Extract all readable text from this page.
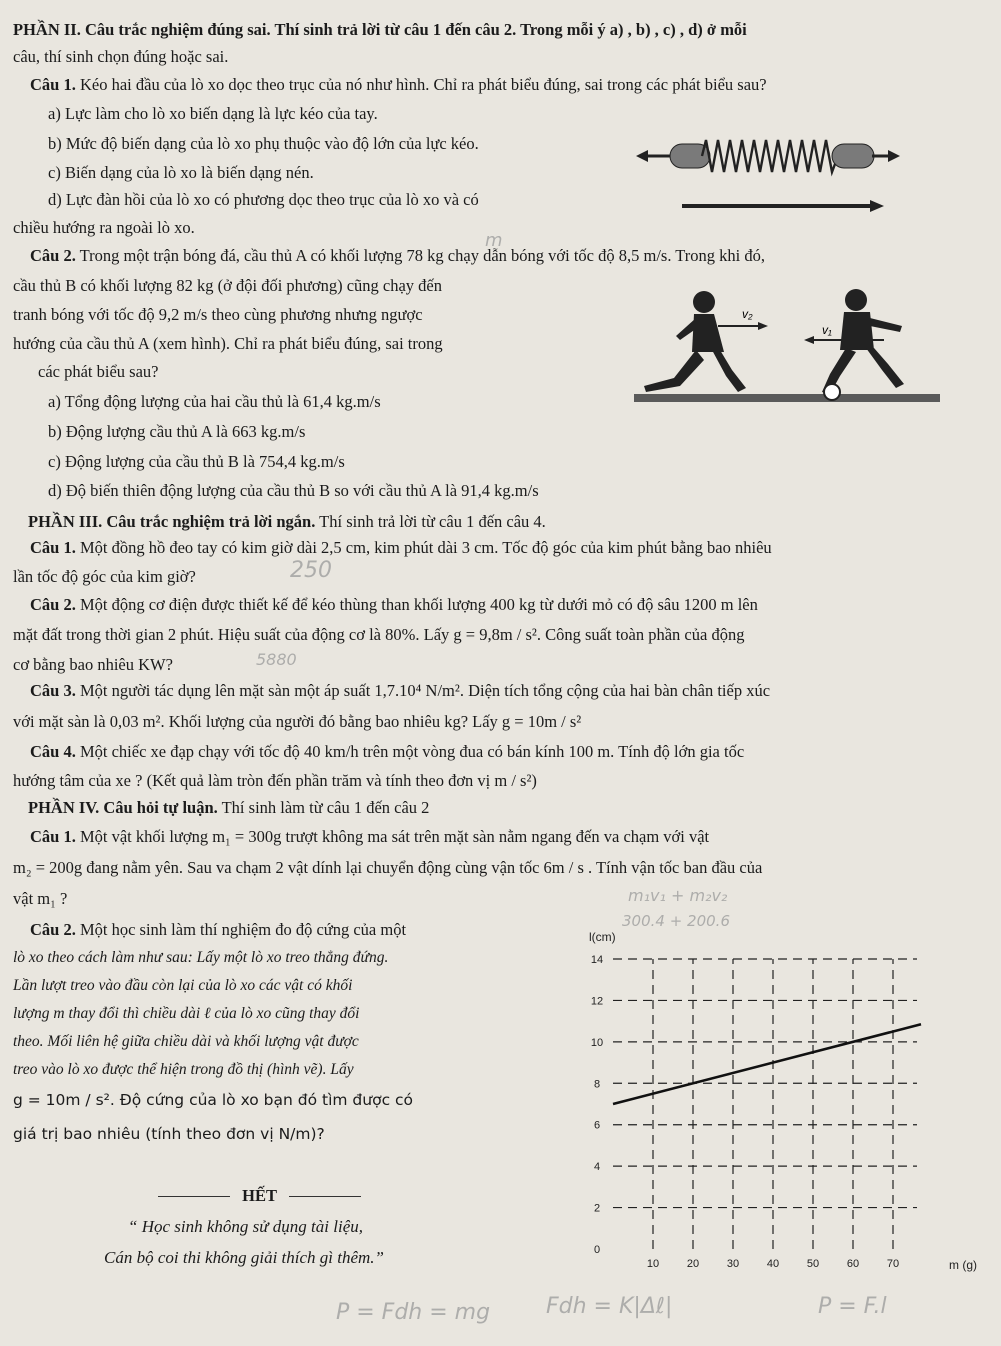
PHẦN II. Câu trắc nghiệm đúng sai. Thí sinh trả lời từ câu 1 đến câu 2. Trong mỗi ý a) , b) , c) , d) ở mỗi
câu, thí sinh chọn đúng hoặc sai.
Câu 1. Kéo hai đầu của lò xo dọc theo trục của nó như hình. Chỉ ra phát biểu đúng, sai trong các phát biểu sau?
a) Lực làm cho lò xo biến dạng là lực kéo của tay.
b) Mức độ biến dạng của lò xo phụ thuộc vào độ lớn của lực kéo.
c) Biến dạng của lò xo là biến dạng nén.
d) Lực đàn hồi của lò xo có phương dọc theo trục của lò xo và có
chiều hướng ra ngoài lò xo.
Câu 2. Trong một trận bóng đá, cầu thủ A có khối lượng 78 kg chạy dẫn bóng với tốc độ 8,5 m/s. Trong khi đó,
cầu thủ B có khối lượng 82 kg (ở đội đối phương) cũng chạy đến
tranh bóng với tốc độ 9,2 m/s theo cùng phương nhưng ngược
hướng của cầu thủ A (xem hình). Chỉ ra phát biểu đúng, sai trong
các phát biểu sau?
v₂
v₁
a) Tổng động lượng của hai cầu thủ là 61,4 kg.m/s
b) Động lượng cầu thủ A là 663 kg.m/s
c) Động lượng của cầu thủ B là 754,4 kg.m/s
d) Độ biến thiên động lượng của cầu thủ B so với cầu thủ A là 91,4 kg.m/s
PHẦN III. Câu trắc nghiệm trả lời ngắn. Thí sinh trả lời từ câu 1 đến câu 4.
Câu 1. Một đồng hồ đeo tay có kim giờ dài 2,5 cm, kim phút dài 3 cm. Tốc độ góc của kim phút bằng bao nhiêu
lần tốc độ góc của kim giờ?
Câu 2. Một động cơ điện được thiết kế để kéo thùng than khối lượng 400 kg từ dưới mỏ có độ sâu 1200 m lên
mặt đất trong thời gian 2 phút. Hiệu suất của động cơ là 80%. Lấy g = 9,8m / s². Công suất toàn phần của động
cơ bằng bao nhiêu KW?
Câu 3. Một người tác dụng lên mặt sàn một áp suất 1,7.10⁴ N/m². Diện tích tổng cộng của hai bàn chân tiếp xúc
với mặt sàn là 0,03 m². Khối lượng của người đó bằng bao nhiêu kg? Lấy g = 10m / s²
Câu 4. Một chiếc xe đạp chạy với tốc độ 40 km/h trên một vòng đua có bán kính 100 m. Tính độ lớn gia tốc
hướng tâm của xe ? (Kết quả làm tròn đến phần trăm và tính theo đơn vị m / s²)
PHẦN IV. Câu hỏi tự luận. Thí sinh làm từ câu 1 đến câu 2
Câu 1. Một vật khối lượng m₁ = 300g trượt không ma sát trên mặt sàn nằm ngang đến va chạm với vật
m₂ = 200g đang nằm yên. Sau va chạm 2 vật dính lại chuyển động cùng vận tốc 6m / s . Tính vận tốc ban đầu của
vật m₁ ?
Câu 2. Một học sinh làm thí nghiệm đo độ cứng của một
lò xo theo cách làm như sau: Lấy một lò xo treo thẳng đứng.
Lần lượt treo vào đầu còn lại của lò xo các vật có khối
lượng m thay đổi thì chiều dài ℓ của lò xo cũng thay đổi
theo. Mối liên hệ giữa chiều dài và khối lượng vật được
treo vào lò xo được thể hiện trong đồ thị (hình vẽ). Lấy
g = 10m / s². Độ cứng của lò xo bạn đó tìm được có
giá trị bao nhiêu (tính theo đơn vị N/m)?
HẾT
“ Học sinh không sử dụng tài liệu,
Cán bộ coi thi không giải thích gì thêm.”	0
2
4
6
8
10
12
14
10	20	30	40	50	60	70
l(cm)
m (g)
250
5880
m
m₁v₁ + m₂v₂
300.4 + 200.6
P = Fdh = mg	Fdh = K|Δℓ|	P = F.l
